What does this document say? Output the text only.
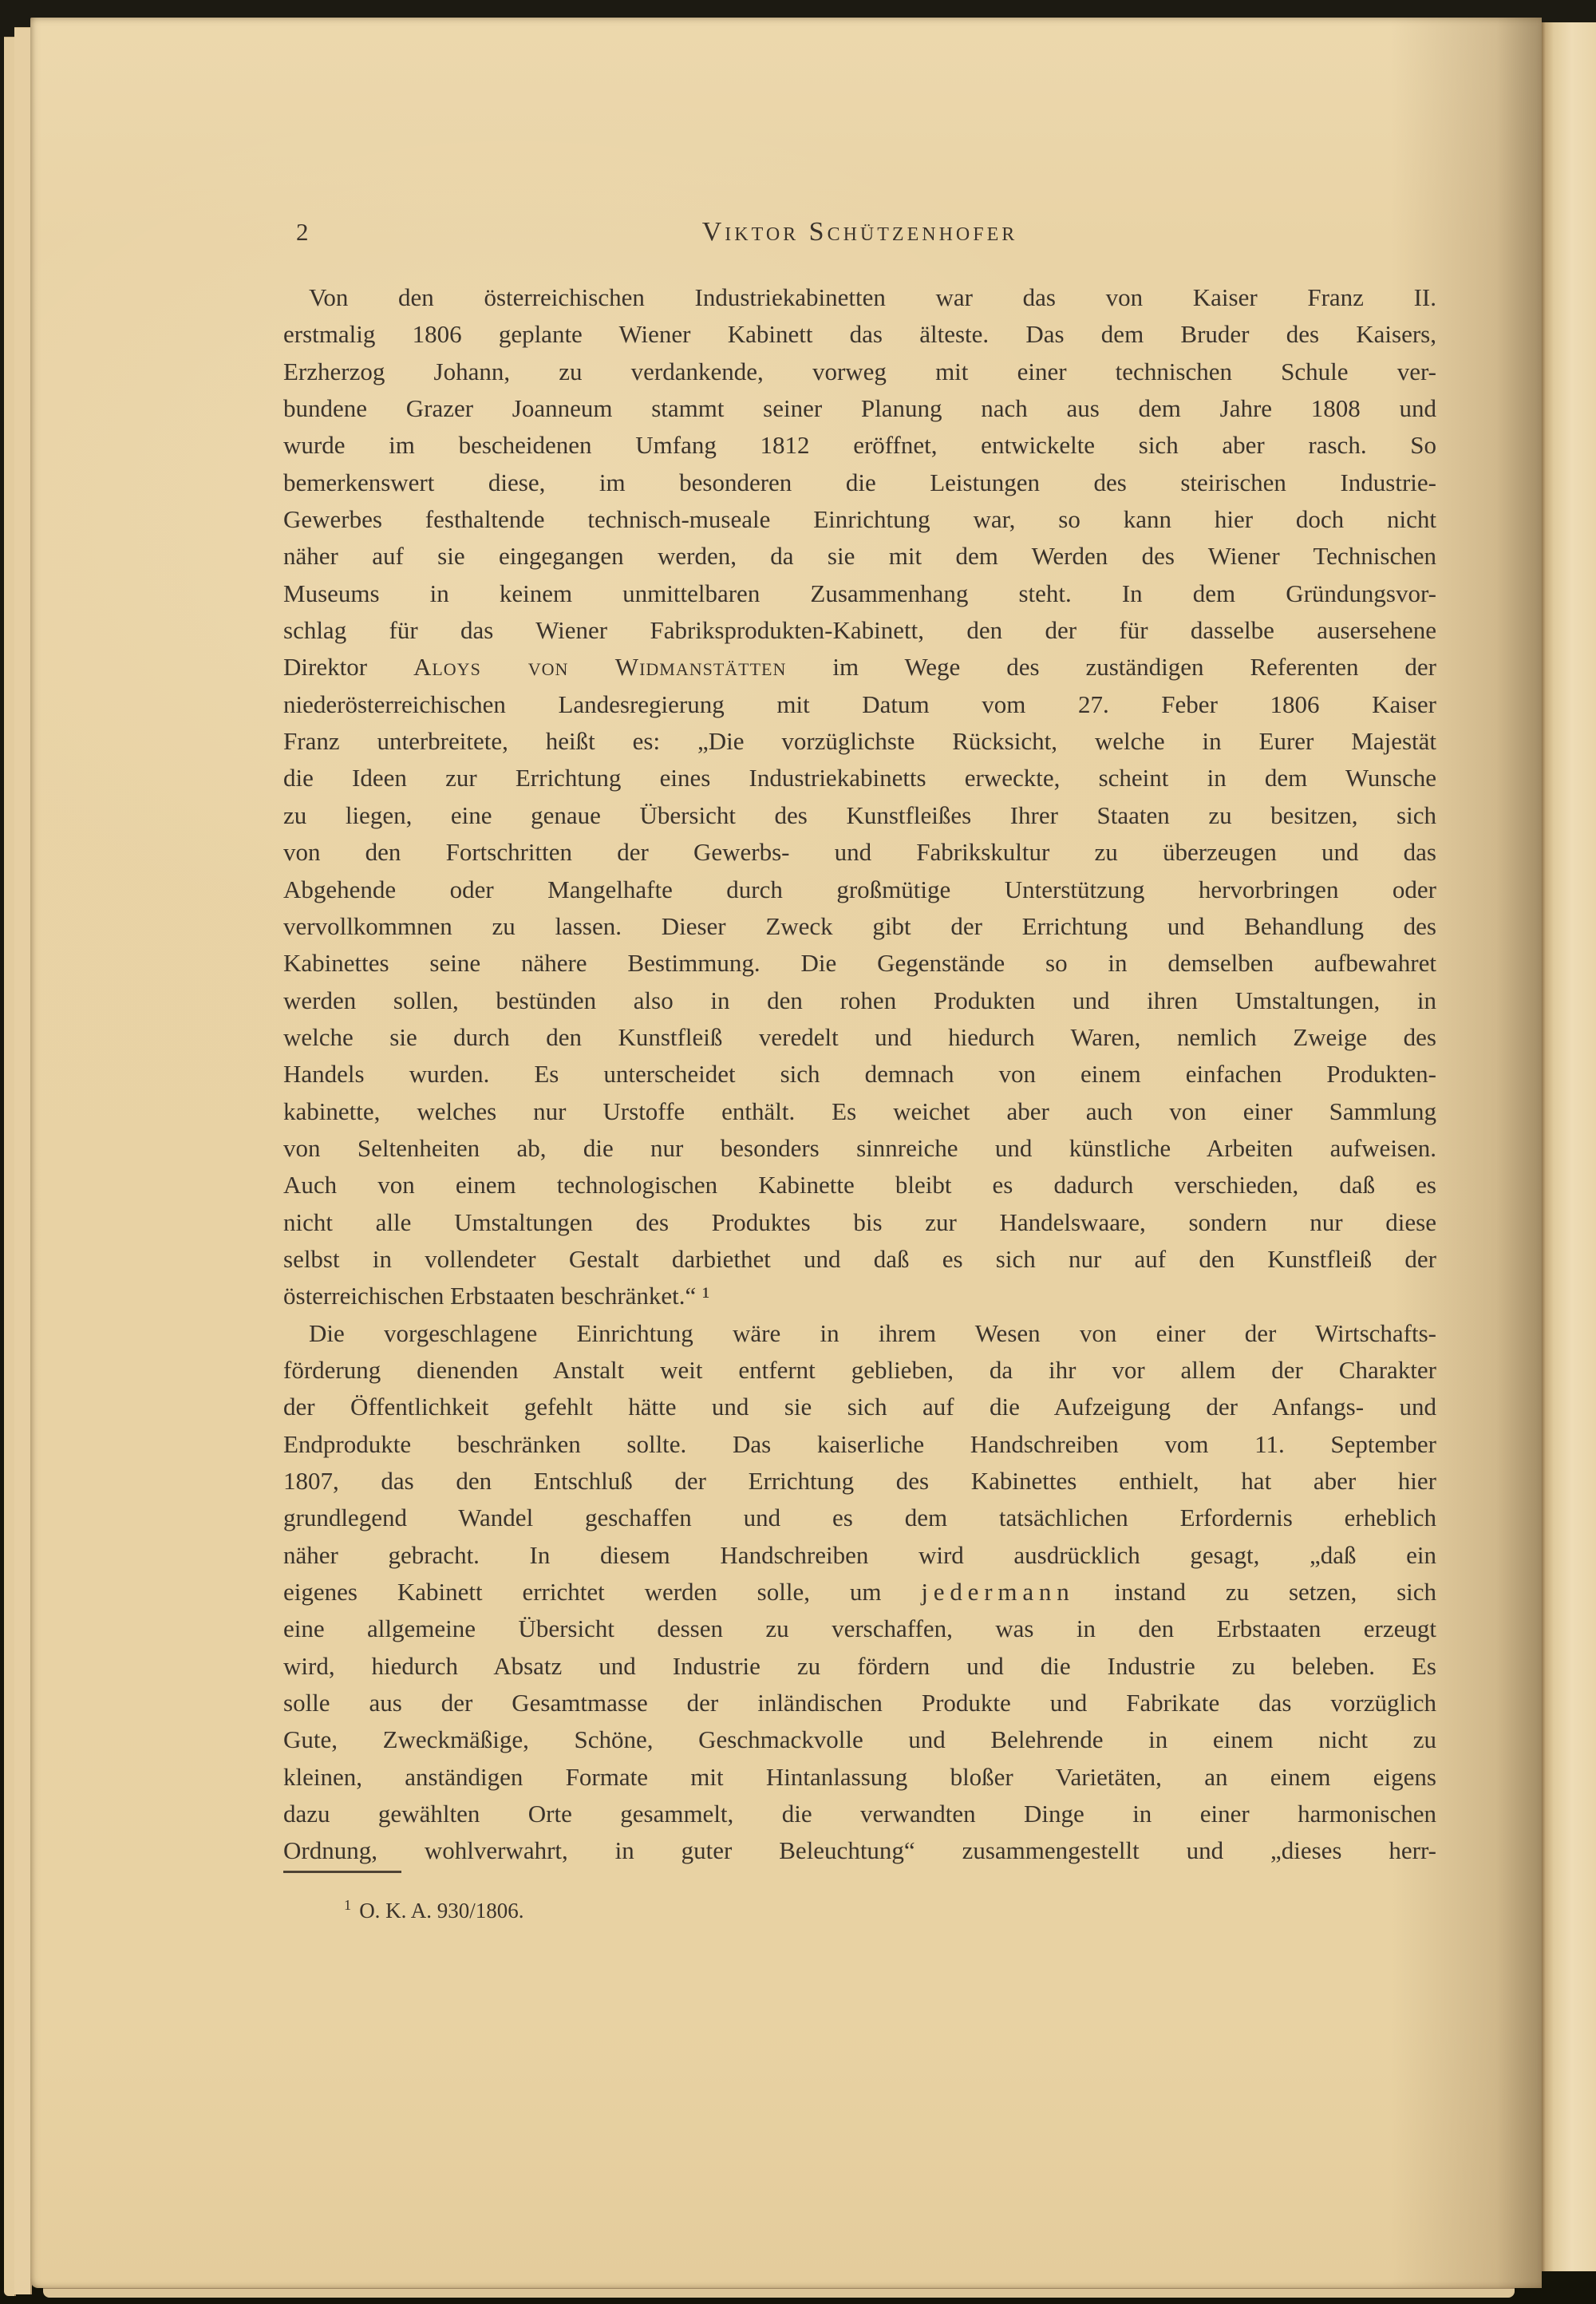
2	Viktor Schützenhofer
Von den österreichischen Industriekabinetten war das von Kaiser Franz II.
erstmalig 1806 geplante Wiener Kabinett das älteste. Das dem Bruder des Kaisers,
Erzherzog Johann, zu verdankende, vorweg mit einer technischen Schule ver-
bundene Grazer Joanneum stammt seiner Planung nach aus dem Jahre 1808 und
wurde im bescheidenen Umfang 1812 eröffnet, entwickelte sich aber rasch. So
bemerkenswert diese, im besonderen die Leistungen des steirischen Industrie-
Gewerbes festhaltende technisch-museale Einrichtung war, so kann hier doch nicht
näher auf sie eingegangen werden, da sie mit dem Werden des Wiener Technischen
Museums in keinem unmittelbaren Zusammenhang steht. In dem Gründungsvor-
schlag für das Wiener Fabriksprodukten-Kabinett, den der für dasselbe ausersehene
Direktor Aloys von Widmanstätten im Wege des zuständigen Referenten der
niederösterreichischen Landesregierung mit Datum vom 27. Feber 1806 Kaiser
Franz unterbreitete, heißt es: „Die vorzüglichste Rücksicht, welche in Eurer Majestät
die Ideen zur Errichtung eines Industriekabinetts erweckte, scheint in dem Wunsche
zu liegen, eine genaue Übersicht des Kunstfleißes Ihrer Staaten zu besitzen, sich
von den Fortschritten der Gewerbs- und Fabrikskultur zu überzeugen und das
Abgehende oder Mangelhafte durch großmütige Unterstützung hervorbringen oder
vervollkommnen zu lassen. Dieser Zweck gibt der Errichtung und Behandlung des
Kabinettes seine nähere Bestimmung. Die Gegenstände so in demselben aufbewahret
werden sollen, bestünden also in den rohen Produkten und ihren Umstaltungen, in
welche sie durch den Kunstfleiß veredelt und hiedurch Waren, nemlich Zweige des
Handels wurden. Es unterscheidet sich demnach von einem einfachen Produkten-
kabinette, welches nur Urstoffe enthält. Es weichet aber auch von einer Sammlung
von Seltenheiten ab, die nur besonders sinnreiche und künstliche Arbeiten aufweisen.
Auch von einem technologischen Kabinette bleibt es dadurch verschieden, daß es
nicht alle Umstaltungen des Produktes bis zur Handelswaare, sondern nur diese
selbst in vollendeter Gestalt darbiethet und daß es sich nur auf den Kunstfleiß der
österreichischen Erbstaaten beschränket.“ ¹
Die vorgeschlagene Einrichtung wäre in ihrem Wesen von einer der Wirtschafts-
förderung dienenden Anstalt weit entfernt geblieben, da ihr vor allem der Charakter
der Öffentlichkeit gefehlt hätte und sie sich auf die Aufzeigung der Anfangs- und
Endprodukte beschränken sollte. Das kaiserliche Handschreiben vom 11. September
1807, das den Entschluß der Errichtung des Kabinettes enthielt, hat aber hier
grundlegend Wandel geschaffen und es dem tatsächlichen Erfordernis erheblich
näher gebracht. In diesem Handschreiben wird ausdrücklich gesagt, „daß ein
eigenes Kabinett errichtet werden solle, um jedermann instand zu setzen, sich
eine allgemeine Übersicht dessen zu verschaffen, was in den Erbstaaten erzeugt
wird, hiedurch Absatz und Industrie zu fördern und die Industrie zu beleben. Es
solle aus der Gesamtmasse der inländischen Produkte und Fabrikate das vorzüglich
Gute, Zweckmäßige, Schöne, Geschmackvolle und Belehrende in einem nicht zu
kleinen, anständigen Formate mit Hintanlassung bloßer Varietäten, an einem eigens
dazu gewählten Orte gesammelt, die verwandten Dinge in einer harmonischen
Ordnung, wohlverwahrt, in guter Beleuchtung“ zusammengestellt und „dieses herr-
$^1$ O. K. A. 930/1806.
